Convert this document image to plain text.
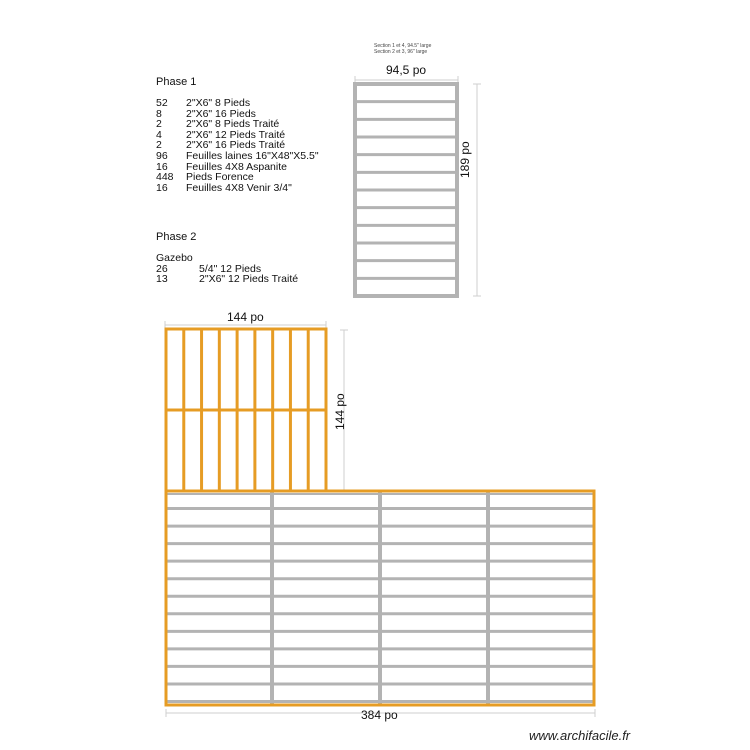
Section 1 et 4, 94.5" large
Section 2 et 3, 96" large
94,5 po
189 po
144 po
144 po
384 po
Phase 1
52 2"X6" 8 Pieds
8 2"X6" 16 Pieds
2 2"X6" 8 Pieds Traité
4 2"X6" 12 Pieds Traité
2 2"X6" 16 Pieds Traité
96 Feuilles laines 16"X48"X5.5"
16 Feuilles 4X8 Aspanite
448 Pieds Forence
16 Feuilles 4X8 Venir 3/4"
Phase 2
Gazebo
26	5/4" 12 Pieds
13	2"X6" 12 Pieds Traité
www.archifacile.fr
